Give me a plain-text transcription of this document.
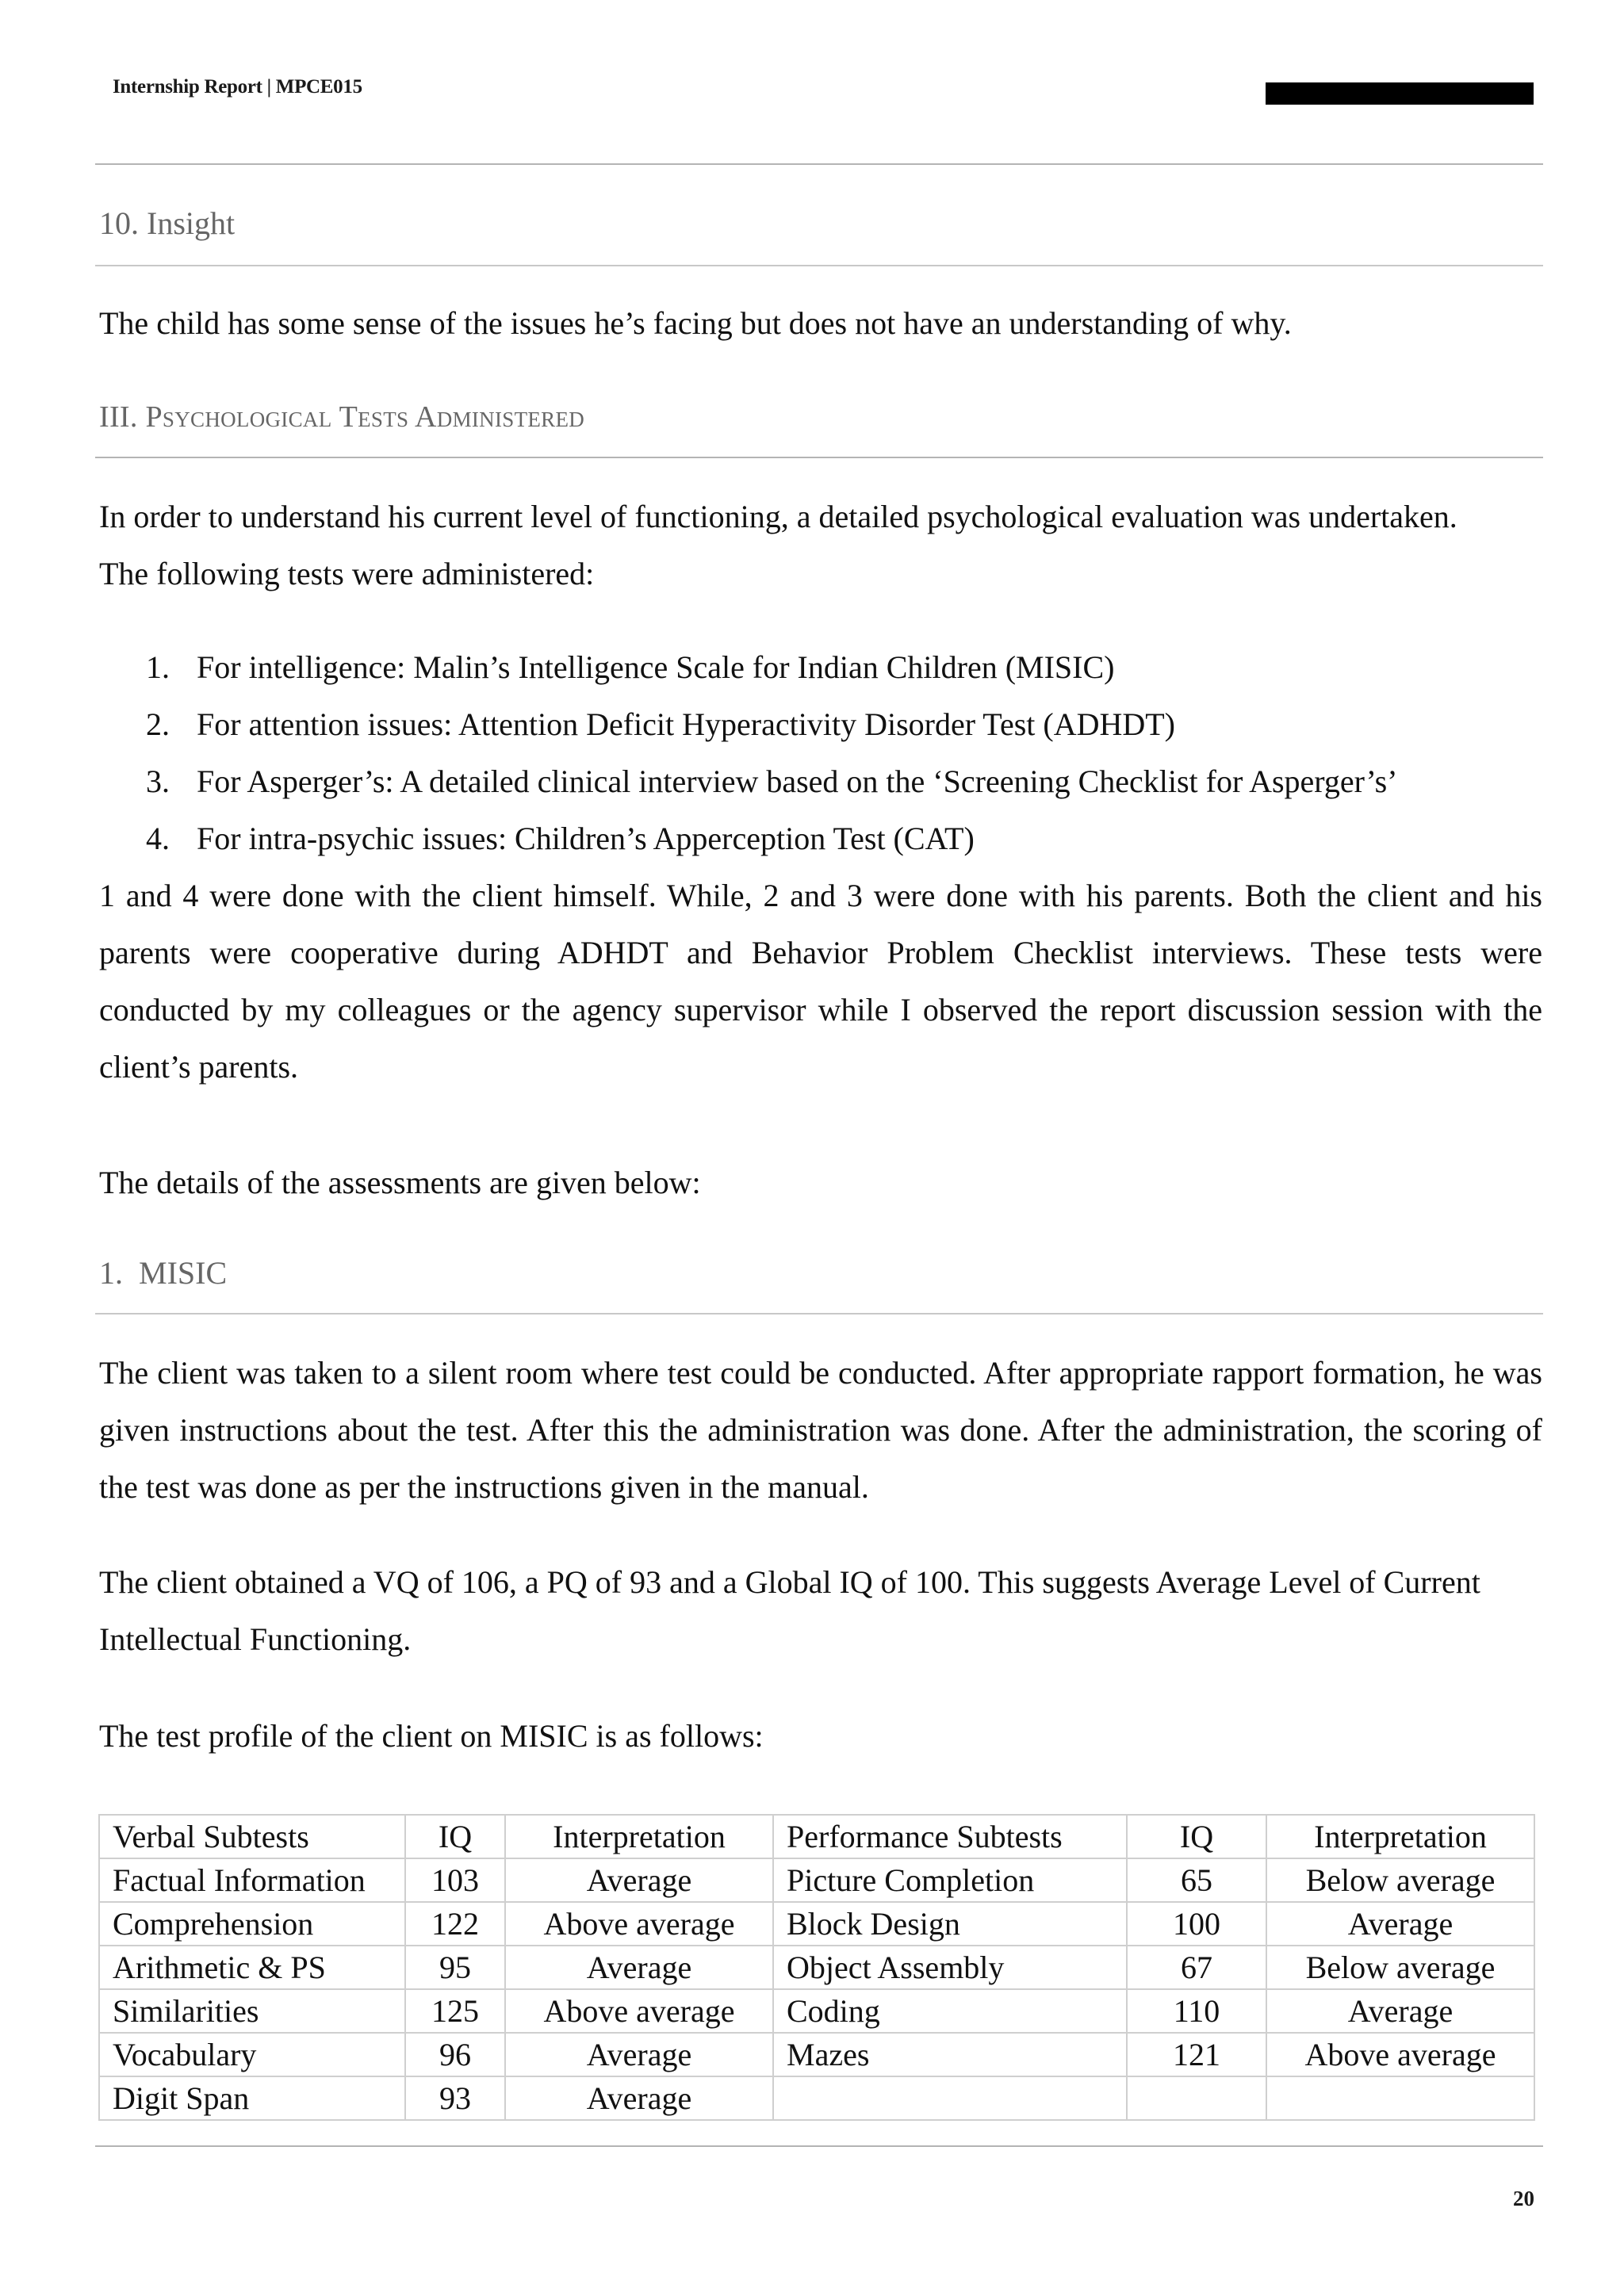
Internship Report | MPCE015
10. Insight
The child has some sense of the issues he’s facing but does not have an understanding of why.
III. Psychological Tests Administered
In order to understand his current level of functioning, a detailed psychological evaluation was undertaken.
The following tests were administered:
1. For intelligence: Malin’s Intelligence Scale for Indian Children (MISIC)
2. For attention issues: Attention Deficit Hyperactivity Disorder Test (ADHDT)
3. For Asperger’s: A detailed clinical interview based on the ‘Screening Checklist for Asperger’s’
4. For intra-psychic issues: Children’s Apperception Test (CAT)
1 and 4 were done with the client himself. While, 2 and 3 were done with his parents. Both the client and his parents were cooperative during ADHDT and Behavior Problem Checklist interviews. These tests were conducted by my colleagues or the agency supervisor while I observed the report discussion session with the client’s parents.
The details of the assessments are given below:
1.  MISIC
The client was taken to a silent room where test could be conducted. After appropriate rapport formation, he was given instructions about the test. After this the administration was done. After the administration, the scoring of the test was done as per the instructions given in the manual.
The client obtained a VQ of 106, a PQ of 93 and a Global IQ of 100. This suggests Average Level of Current Intellectual Functioning.
The test profile of the client on MISIC is as follows:
Verbal Subtests	IQ	Interpretation	Performance Subtests	IQ	Interpretation
Factual Information	103	Average	Picture Completion	65	Below average
Comprehension	122	Above average	Block Design	100	Average
Arithmetic & PS	95	Average	Object Assembly	67	Below average
Similarities	125	Above average	Coding	110	Average
Vocabulary	96	Average	Mazes	121	Above average
Digit Span	93	Average			
20
